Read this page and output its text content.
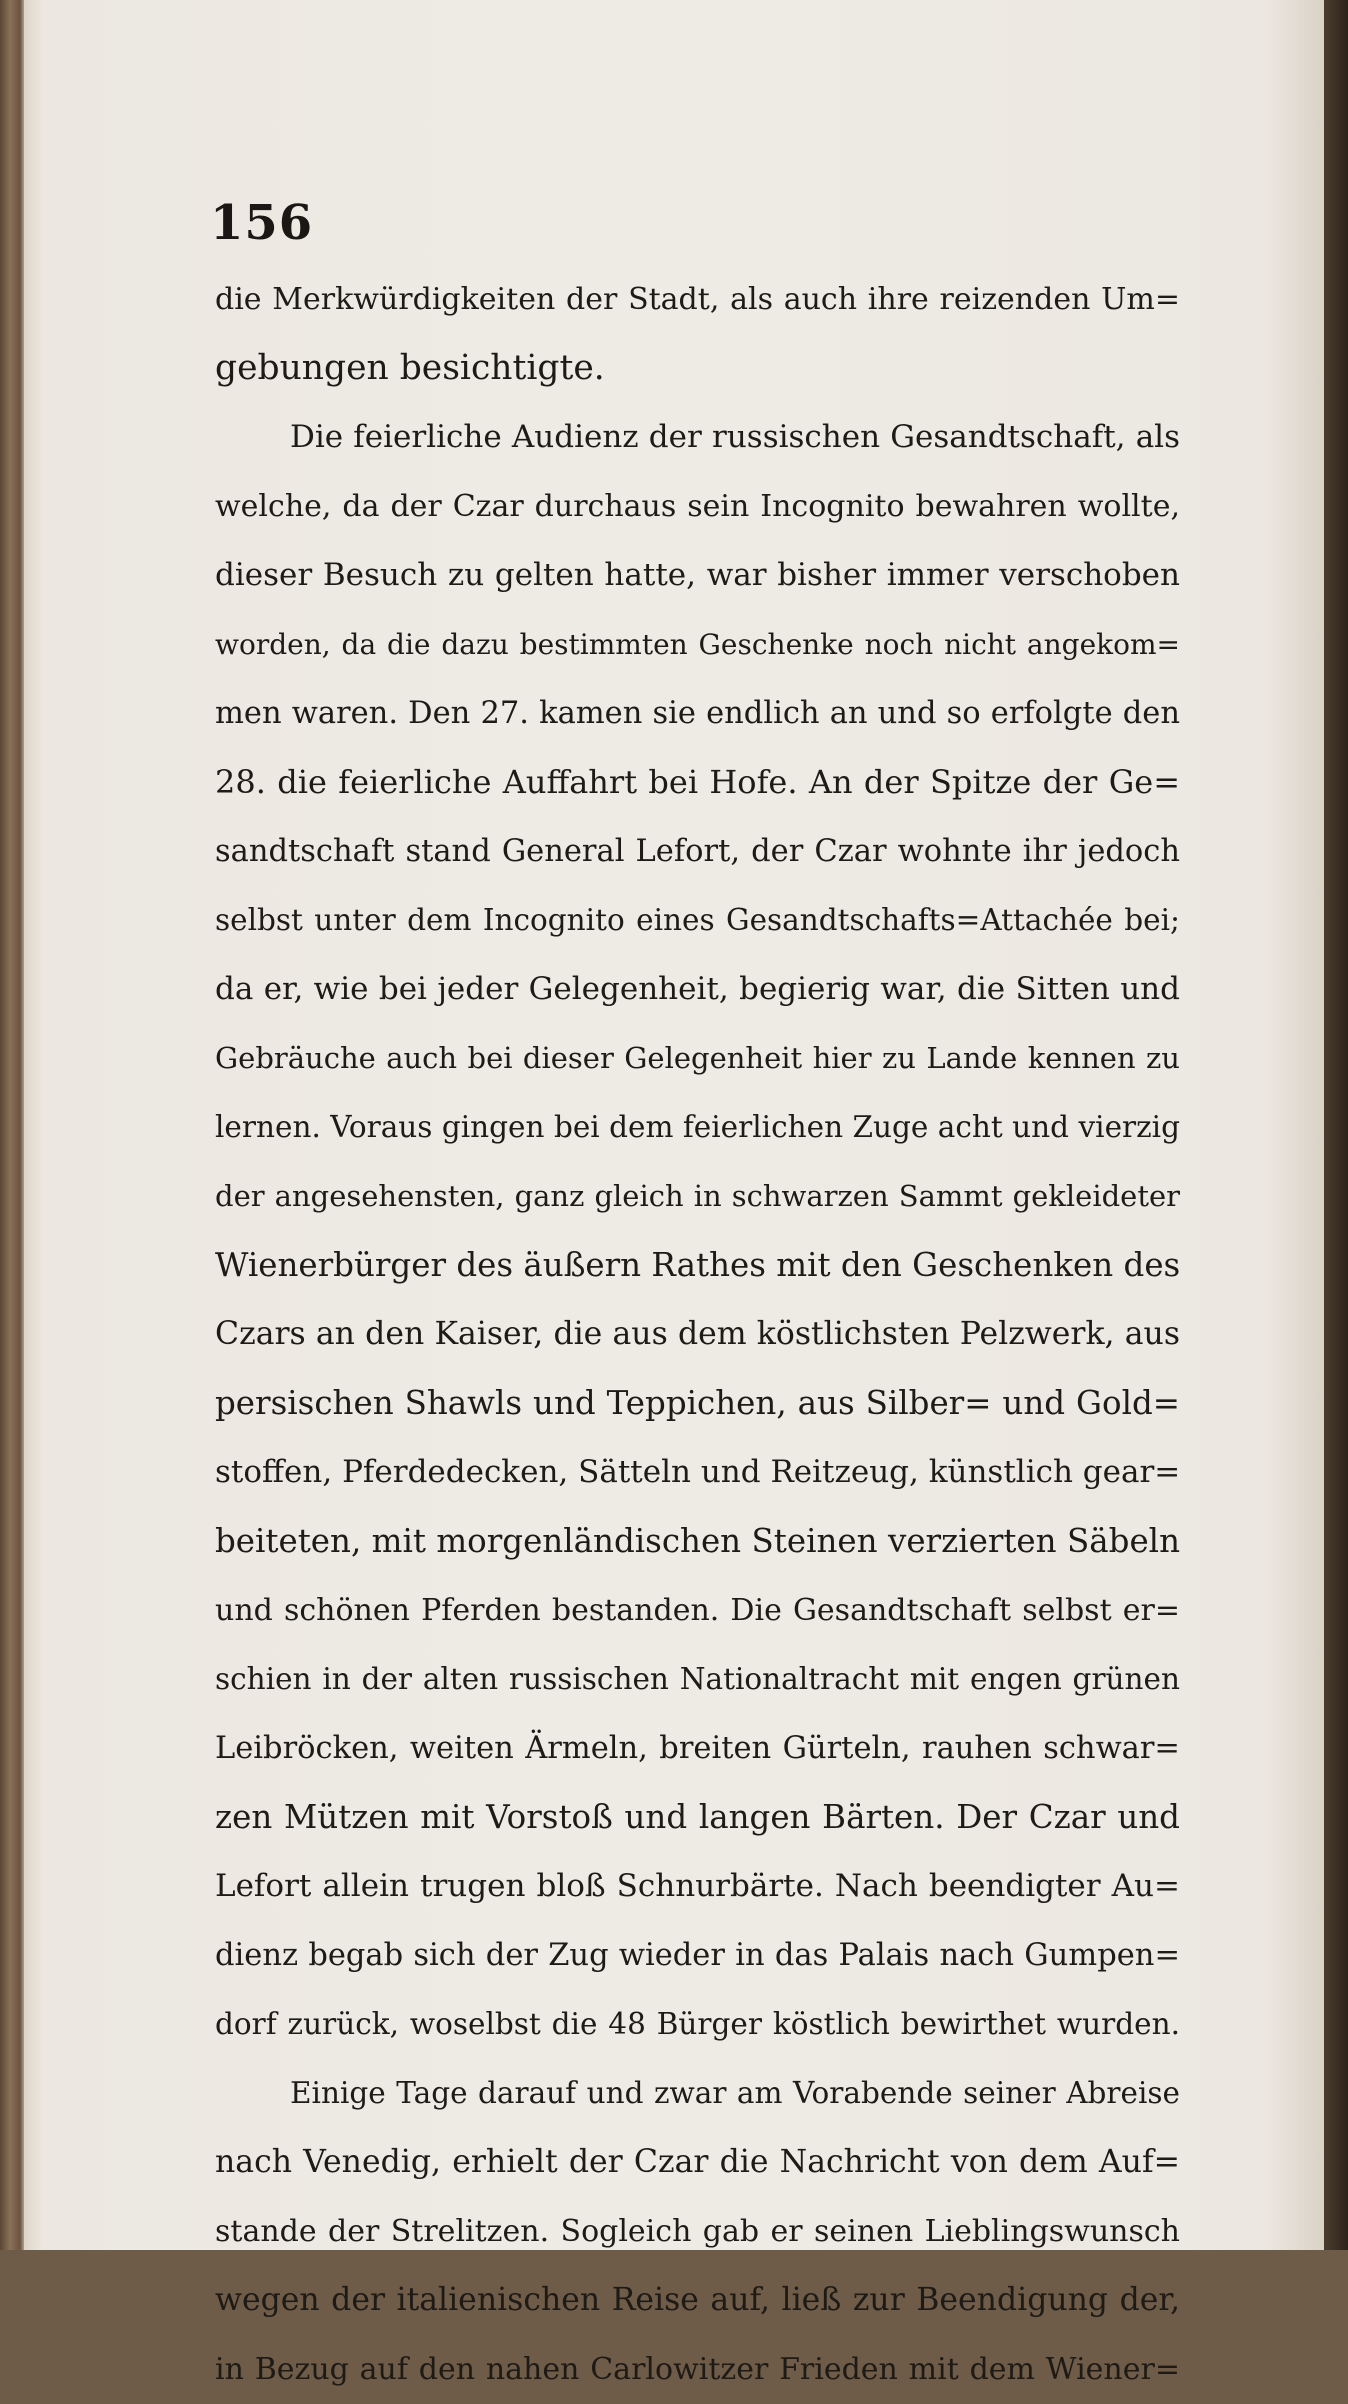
156
die Merkwürdigkeiten der Stadt, als auch ihre reizenden Um=
gebungen besichtigte.
Die feierliche Audienz der russischen Gesandtschaft, als
welche, da der Czar durchaus sein Incognito bewahren wollte,
dieser Besuch zu gelten hatte, war bisher immer verschoben
worden, da die dazu bestimmten Geschenke noch nicht angekom=
men waren. Den 27. kamen sie endlich an und so erfolgte den
28. die feierliche Auffahrt bei Hofe. An der Spitze der Ge=
sandtschaft stand General Lefort, der Czar wohnte ihr jedoch
selbst unter dem Incognito eines Gesandtschafts=Attachée bei;
da er, wie bei jeder Gelegenheit, begierig war, die Sitten und
Gebräuche auch bei dieser Gelegenheit hier zu Lande kennen zu
lernen. Voraus gingen bei dem feierlichen Zuge acht und vierzig
der angesehensten, ganz gleich in schwarzen Sammt gekleideter
Wienerbürger des äußern Rathes mit den Geschenken des
Czars an den Kaiser, die aus dem köstlichsten Pelzwerk, aus
persischen Shawls und Teppichen, aus Silber= und Gold=
stoffen, Pferdedecken, Sätteln und Reitzeug, künstlich gear=
beiteten, mit morgenländischen Steinen verzierten Säbeln
und schönen Pferden bestanden. Die Gesandtschaft selbst er=
schien in der alten russischen Nationaltracht mit engen grünen
Leibröcken, weiten Ärmeln, breiten Gürteln, rauhen schwar=
zen Mützen mit Vorstoß und langen Bärten. Der Czar und
Lefort allein trugen bloß Schnurbärte. Nach beendigter Au=
dienz begab sich der Zug wieder in das Palais nach Gumpen=
dorf zurück, woselbst die 48 Bürger köstlich bewirthet wurden.
Einige Tage darauf und zwar am Vorabende seiner Abreise
nach Venedig, erhielt der Czar die Nachricht von dem Auf=
stande der Strelitzen. Sogleich gab er seinen Lieblingswunsch
wegen der italienischen Reise auf, ließ zur Beendigung der,
in Bezug auf den nahen Carlowitzer Frieden mit dem Wiener=
